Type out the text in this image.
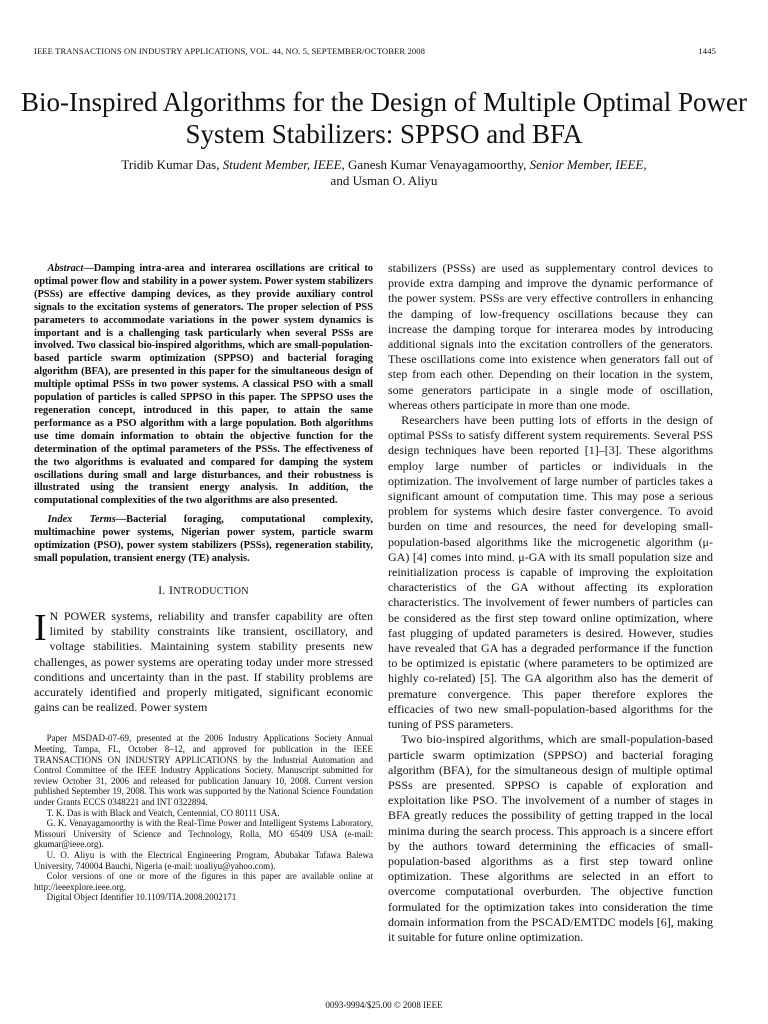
IEEE TRANSACTIONS ON INDUSTRY APPLICATIONS, VOL. 44, NO. 5, SEPTEMBER/OCTOBER 2008	1445
Bio-Inspired Algorithms for the Design of Multiple Optimal Power System Stabilizers: SPPSO and BFA
Tridib Kumar Das, Student Member, IEEE, Ganesh Kumar Venayagamoorthy, Senior Member, IEEE,
and Usman O. Aliyu

Abstract—Damping intra-area and interarea oscillations are critical to optimal power flow and stability in a power system. Power system stabilizers (PSSs) are effective damping devices, as they provide auxiliary control signals to the excitation systems of generators. The proper selection of PSS parameters to accommodate variations in the power system dynamics is important and is a challenging task particularly when several PSSs are involved. Two classical bio-inspired algorithms, which are small-population-based particle swarm optimization (SPPSO) and bacterial foraging algorithm (BFA), are presented in this paper for the simultaneous design of multiple optimal PSSs in two power systems. A classical PSO with a small population of particles is called SPPSO in this paper. The SPPSO uses the regeneration concept, introduced in this paper, to attain the same performance as a PSO algorithm with a large population. Both algorithms use time domain information to obtain the objective function for the determination of the optimal parameters of the PSSs. The effectiveness of the two algorithms is evaluated and compared for damping the system oscillations during small and large disturbances, and their robustness is illustrated using the transient energy analysis. In addition, the computational complexities of the two algorithms are also presented.

Index Terms—Bacterial foraging, computational complexity, multimachine power systems, Nigerian power system, particle swarm optimization (PSO), power system stabilizers (PSSs), regeneration stability, small population, transient energy (TE) analysis.

I. INTRODUCTION

I N POWER systems, reliability and transfer capability are often limited by stability constraints like transient, oscillatory, and voltage stabilities. Maintaining system stability presents new challenges, as power systems are operating today under more stressed conditions and uncertainty than in the past. If stability problems are accurately identified and properly mitigated, significant economic gains can be realized. Power system

Paper MSDAD-07-69, presented at the 2006 Industry Applications Society Annual Meeting, Tampa, FL, October 8–12, and approved for publication in the IEEE TRANSACTIONS ON INDUSTRY APPLICATIONS by the Industrial Automation and Control Committee of the IEEE Industry Applications Society. Manuscript submitted for review October 31, 2006 and released for publication January 10, 2008. Current version published September 19, 2008. This work was supported by the National Science Foundation under Grants ECCS 0348221 and INT 0322894.

T. K. Das is with Black and Veatch, Centennial, CO 80111 USA.

G. K. Venayagamoorthy is with the Real-Time Power and Intelligent Systems Laboratory, Missouri University of Science and Technology, Rolla, MO 65409 USA (e-mail: gkumar@ieee.org).

U. O. Aliyu is with the Electrical Engineering Program, Abubakar Tafawa Balewa University, 740004 Bauchi, Nigeria (e-mail: uoaliyu@yahoo.com).

Color versions of one or more of the figures in this paper are available online at http://ieeexplore.ieee.org.

Digital Object Identifier 10.1109/TIA.2008.2002171

stabilizers (PSSs) are used as supplementary control devices to provide extra damping and improve the dynamic performance of the power system. PSSs are very effective controllers in enhancing the damping of low-frequency oscillations because they can increase the damping torque for interarea modes by introducing additional signals into the excitation controllers of the generators. These oscillations come into existence when generators fall out of step from each other. Depending on their location in the system, some generators participate in a single mode of oscillation, whereas others participate in more than one mode.

Researchers have been putting lots of efforts in the design of optimal PSSs to satisfy different system requirements. Several PSS design techniques have been reported [1]–[3]. These algorithms employ large number of particles or individuals in the optimization. The involvement of large number of particles takes a significant amount of computation time. This may pose a serious problem for systems which desire faster convergence. To avoid burden on time and resources, the need for developing small-population-based algorithms like the microgenetic algorithm (μ-GA) [4] comes into mind. μ-GA with its small population size and reinitialization process is capable of improving the exploitation characteristics of the GA without affecting its exploration characteristics. The involvement of fewer numbers of particles can be considered as the first step toward online optimization, where fast plugging of updated parameters is desired. However, studies have revealed that GA has a degraded performance if the function to be optimized is epistatic (where parameters to be optimized are highly co-related) [5]. The GA algorithm also has the demerit of premature convergence. This paper therefore explores the efficacies of two new small-population-based algorithms for the tuning of PSS parameters.

Two bio-inspired algorithms, which are small-population-based particle swarm optimization (SPPSO) and bacterial foraging algorithm (BFA), for the simultaneous design of multiple optimal PSSs are presented. SPPSO is capable of exploration and exploitation like PSO. The involvement of a number of stages in BFA greatly reduces the possibility of getting trapped in the local minima during the search process. This approach is a sincere effort by the authors toward determining the efficacies of small-population-based algorithms as a first step toward online optimization. These algorithms are selected in an effort to overcome computational overburden. The objective function formulated for the optimization takes into consideration the time domain information from the PSCAD/EMTDC models [6], making it suitable for future online optimization.

0093-9994/$25.00 © 2008 IEEE
